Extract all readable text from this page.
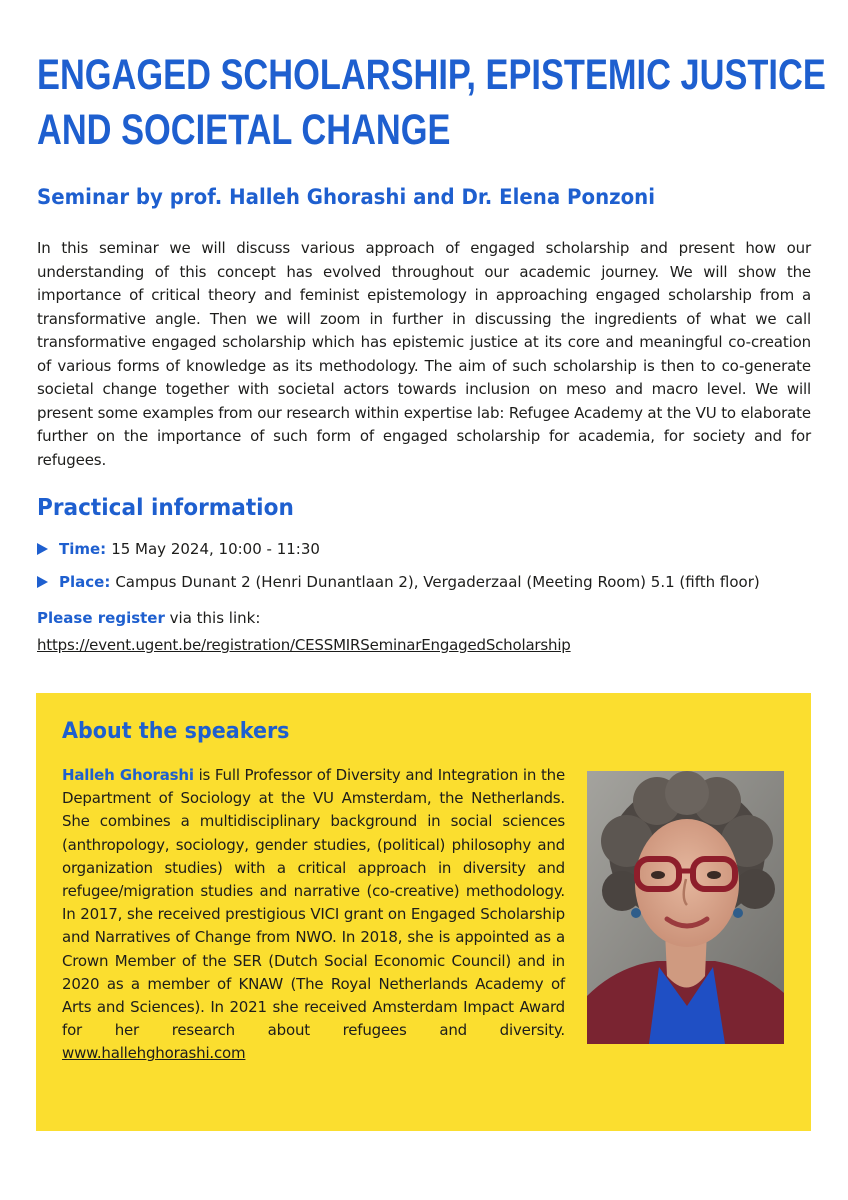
ENGAGED SCHOLARSHIP, EPISTEMIC JUSTICE
AND SOCIETAL CHANGE
Seminar by prof. Halleh Ghorashi and Dr. Elena Ponzoni

In this seminar we will discuss various approach of engaged scholarship and present how our understanding of this concept has evolved throughout our academic journey. We will show the importance of critical theory and feminist epistemology in approaching engaged scholarship from a transformative angle. Then we will zoom in further in discussing the ingredients of what we call transformative engaged scholarship which has epistemic justice at its core and meaningful co-creation of various forms of knowledge as its methodology. The aim of such scholarship is then to co-generate societal change together with societal actors towards inclusion on meso and macro level. We will present some examples from our research within expertise lab: Refugee Academy at the VU to elaborate further on the importance of such form of engaged scholarship for academia, for society and for refugees.

Practical information
Time: 15 May 2024, 10:00 - 11:30
Place: Campus Dunant 2 (Henri Dunantlaan 2), Vergaderzaal (Meeting Room) 5.1 (fifth floor)
Please register via this link:
https://event.ugent.be/registration/CESSMIRSeminarEngagedScholarship
About the speakers

Halleh Ghorashi is Full Professor of Diversity and Integration in the Department of Sociology at the VU Amsterdam, the Netherlands. She combines a multidisciplinary background in social sciences (anthropology, sociology, gender studies, (political) philosophy and organization studies) with a critical approach in diversity and refugee/migration studies and narrative (co-creative) methodology. In 2017, she received prestigious VICI grant on Engaged Scholarship and Narratives of Change from NWO. In 2018, she is appointed as a Crown Member of the SER (Dutch Social Economic Council) and in 2020 as a member of KNAW (The Royal Netherlands Academy of Arts and Sciences). In 2021 she received Amsterdam Impact Award for her research about refugees and diversity. www.hallehghorashi.com
